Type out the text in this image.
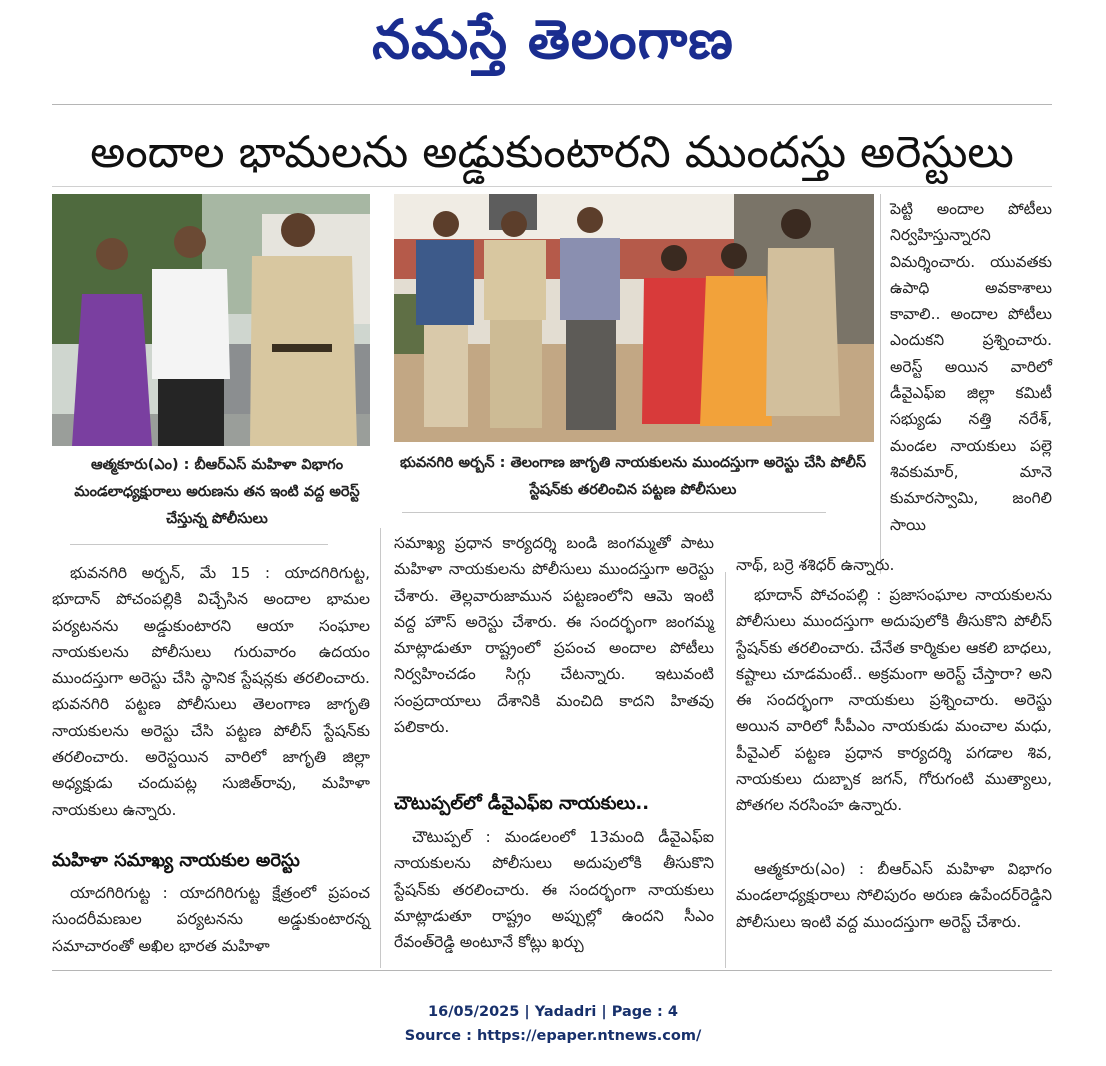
నమస్తే తెలంగాణ
అందాల భామలను అడ్డుకుంటారని ముందస్తు అరెస్టులు
ఆత్మకూరు(ఎం) : బీఆర్ఎస్ మహిళా విభాగం మండలాధ్యక్షురాలు అరుణను తన ఇంటి వద్ద అరెస్ట్ చేస్తున్న పోలీసులు
భువనగిరి అర్బన్ : తెలంగాణ జాగృతి నాయకులను ముందస్తుగా అరెస్టు చేసి పోలీస్ స్టేషన్‌కు తరలించిన పట్టణ పోలీసులు

భువనగిరి అర్బన్, మే 15 : యాదగిరిగుట్ట, భూదాన్ పోచంపల్లికి విచ్చేసిన అందాల భామల పర్యటనను అడ్డుకుంటారని ఆయా సంఘాల నాయకులను పోలీసులు గురువారం ఉదయం ముందస్తుగా అరెస్టు చేసి స్థానిక స్టేషన్లకు తరలించారు. భువనగిరి పట్టణ పోలీసులు తెలంగాణ జాగృతి నాయకులను అరెస్టు చేసి పట్టణ పోలీస్ స్టేషన్‌కు తరలించారు. అరెస్టయిన వారిలో జాగృతి జిల్లా అధ్యక్షుడు చందుపట్ల సుజిత్‌రావు, మహిళా నాయకులు ఉన్నారు.

మహిళా సమాఖ్య నాయకుల అరెస్టు

యాదగిరిగుట్ట : యాదగిరిగుట్ట క్షేత్రంలో ప్రపంచ సుందరీమణుల పర్యటనను అడ్డుకుంటారన్న సమాచారంతో అఖిల భారత మహిళా

సమాఖ్య ప్రధాన కార్యదర్శి బండి జంగమ్మతో పాటు మహిళా నాయకులను పోలీసులు ముందస్తుగా అరెస్టు చేశారు. తెల్లవారుజామున పట్టణంలోని ఆమె ఇంటి వద్ద హౌస్ అరెస్టు చేశారు. ఈ సందర్భంగా జంగమ్మ మాట్లాడుతూ రాష్ట్రంలో ప్రపంచ అందాల పోటీలు నిర్వహించడం సిగ్గు చేటన్నారు. ఇటువంటి సంప్రదాయాలు దేశానికి మంచిది కాదని హితవు పలికారు.

చౌటుప్పల్‌లో డీవైఎఫ్ఐ నాయకులు..

చౌటుప్పల్ : మండలంలో 13మంది డీవైఎఫ్ఐ నాయకులను పోలీసులు అదుపులోకి తీసుకొని స్టేషన్‌కు తరలించారు. ఈ సందర్భంగా నాయకులు మాట్లాడుతూ రాష్ట్రం అప్పుల్లో ఉందని సీఎం రేవంత్‌రెడ్డి అంటూనే కోట్లు ఖర్చు

పెట్టి అందాల పోటీలు నిర్వహిస్తున్నారని విమర్శించారు. యువతకు ఉపాధి అవకాశాలు కావాలి.. అందాల పోటీలు ఎందుకని ప్రశ్నించారు. అరెస్ట్ అయిన వారిలో డీవైఎఫ్ఐ జిల్లా కమిటీ సభ్యుడు నత్తి నరేశ్, మండల నాయకులు పల్లె శివకుమార్, మానె కుమారస్వామి, జంగిలి సాయి

నాథ్, బర్రె శశిధర్ ఉన్నారు.

భూదాన్ పోచంపల్లి : ప్రజాసంఘాల నాయకులను పోలీసులు ముందస్తుగా అదుపులోకి తీసుకొని పోలీస్ స్టేషన్‌కు తరలించారు. చేనేత కార్మికుల ఆకలి బాధలు, కష్టాలు చూడమంటే.. అక్రమంగా అరెస్ట్ చేస్తారా? అని ఈ సందర్భంగా నాయకులు ప్రశ్నించారు. అరెస్టు అయిన వారిలో సీపీఎం నాయకుడు మంచాల మధు, పీవైఎల్ పట్టణ ప్రధాన కార్యదర్శి పగడాల శివ, నాయకులు దుబ్బాక జగన్, గోరుగంటి ముత్యాలు, పోతగల నరసింహ ఉన్నారు.

ఆత్మకూరు(ఎం) : బీఆర్ఎస్ మహిళా విభాగం మండలాధ్యక్షురాలు సోలిపురం అరుణ ఉపేందర్‌రెడ్డిని పోలీసులు ఇంటి వద్ద ముందస్తుగా అరెస్ట్ చేశారు.

16/05/2025 | Yadadri | Page : 4
Source : https://epaper.ntnews.com/
